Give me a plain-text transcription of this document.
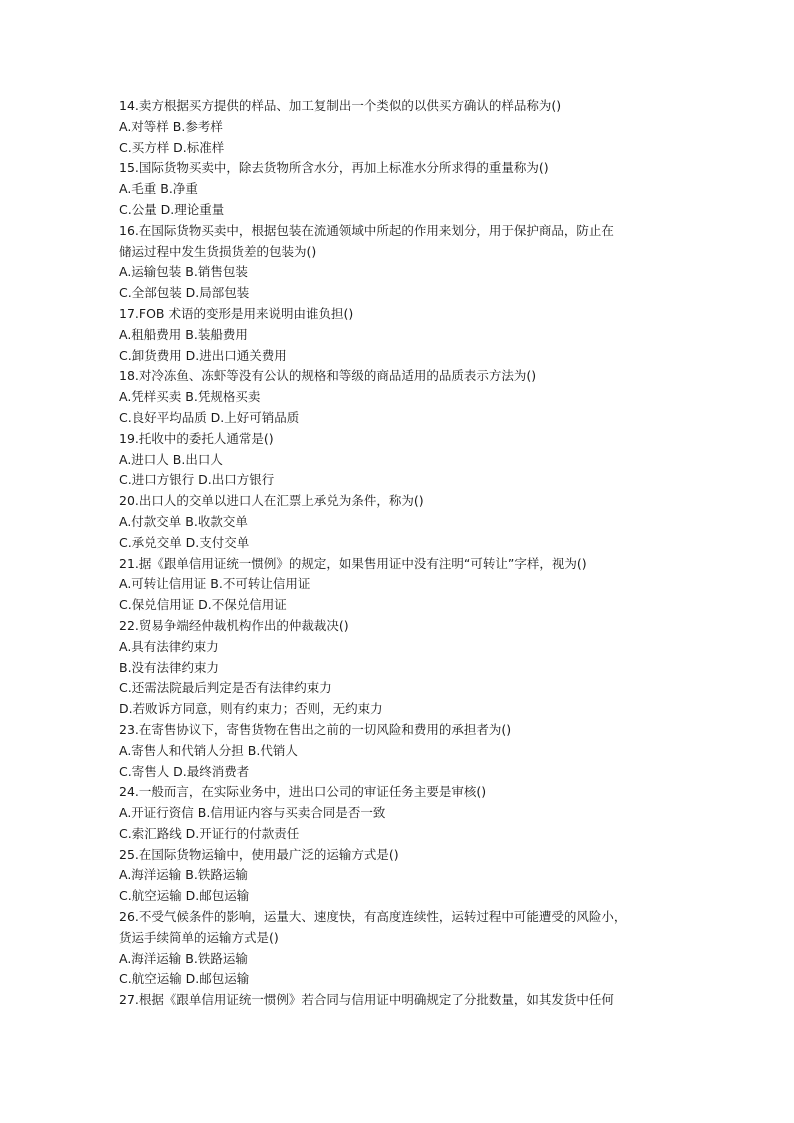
14.卖方根据买方提供的样品、加工复制出一个类似的以供买方确认的样品称为()
A.对等样 B.参考样
C.买方样 D.标准样
15.国际货物买卖中，除去货物所含水分，再加上标准水分所求得的重量称为()
A.毛重 B.净重
C.公量 D.理论重量
16.在国际货物买卖中，根据包装在流通领域中所起的作用来划分，用于保护商品，防止在
储运过程中发生货损货差的包装为()
A.运输包装 B.销售包装
C.全部包装 D.局部包装
17.FOB 术语的变形是用来说明由谁负担()
A.租船费用 B.装船费用
C.卸货费用 D.进出口通关费用
18.对冷冻鱼、冻虾等没有公认的规格和等级的商品适用的品质表示方法为()
A.凭样买卖 B.凭规格买卖
C.良好平均品质 D.上好可销品质
19.托收中的委托人通常是()
A.进口人 B.出口人
C.进口方银行 D.出口方银行
20.出口人的交单以进口人在汇票上承兑为条件，称为()
A.付款交单 B.收款交单
C.承兑交单 D.支付交单
21.据《跟单信用证统一惯例》的规定，如果售用证中没有注明“可转让”字样，视为()
A.可转让信用证 B.不可转让信用证
C.保兑信用证 D.不保兑信用证
22.贸易争端经仲裁机构作出的仲裁裁决()
A.具有法律约束力
B.没有法律约束力
C.还需法院最后判定是否有法律约束力
D.若败诉方同意，则有约束力；否则，无约束力
23.在寄售协议下，寄售货物在售出之前的一切风险和费用的承担者为()
A.寄售人和代销人分担 B.代销人
C.寄售人 D.最终消费者
24.一般而言，在实际业务中，进出口公司的审证任务主要是审核()
A.开证行资信 B.信用证内容与买卖合同是否一致
C.索汇路线 D.开证行的付款责任
25.在国际货物运输中，使用最广泛的运输方式是()
A.海洋运输 B.铁路运输
C.航空运输 D.邮包运输
26.不受气候条件的影响，运量大、速度快，有高度连续性，运转过程中可能遭受的风险小，
货运手续简单的运输方式是()
A.海洋运输 B.铁路运输
C.航空运输 D.邮包运输
27.根据《跟单信用证统一惯例》若合同与信用证中明确规定了分批数量，如其发货中任何
